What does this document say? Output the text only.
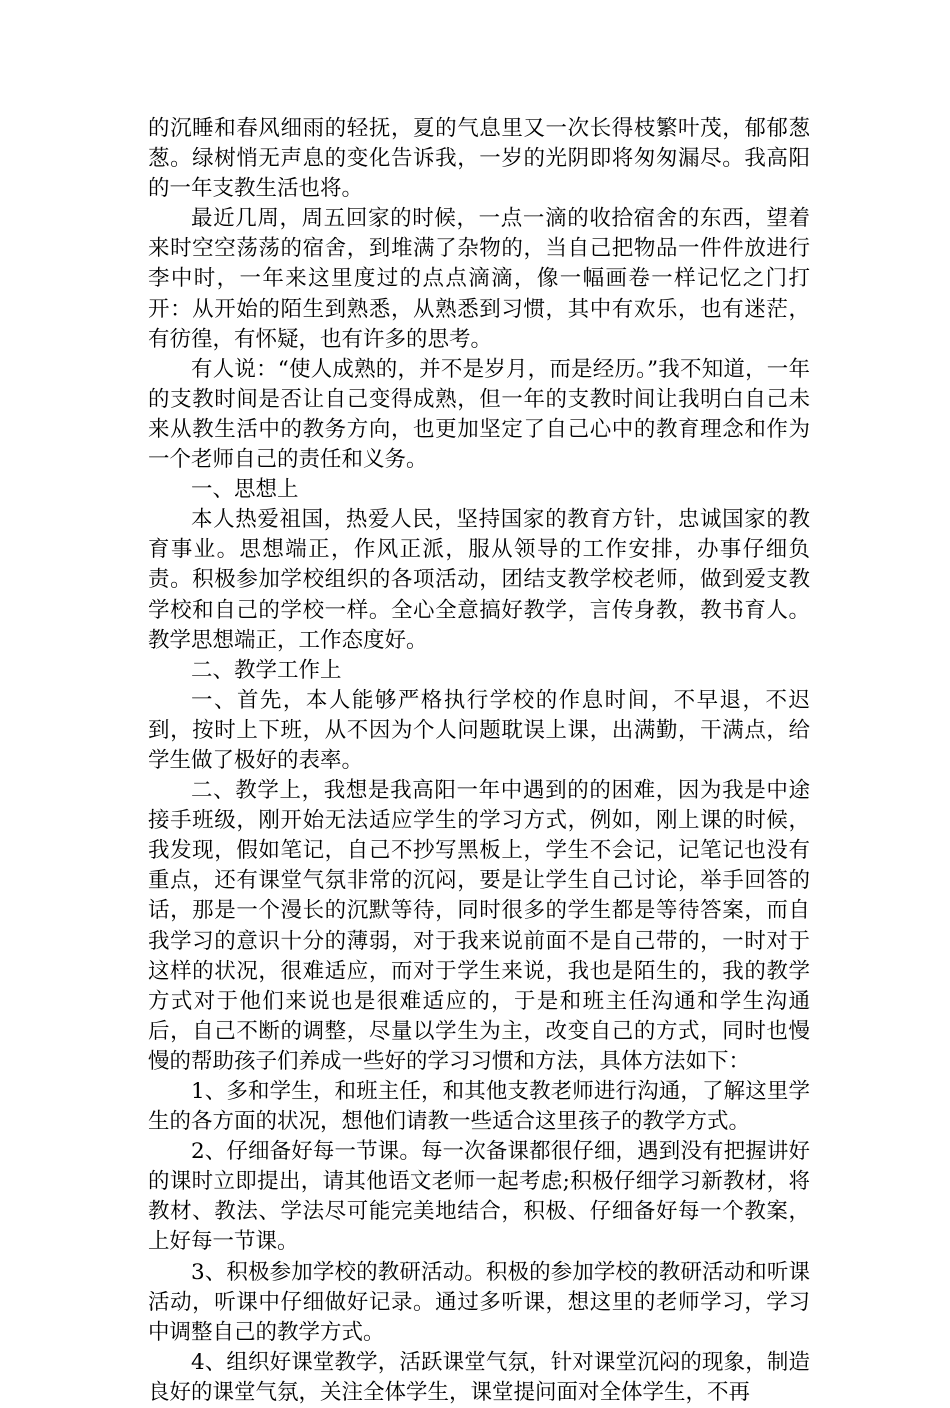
的沉睡和春风细雨的轻抚，夏的气息里又一次长得枝繁叶茂，郁郁葱葱。绿树悄无声息的变化告诉我，一岁的光阴即将匆匆漏尽。我高阳的一年支教生活也将。

最近几周，周五回家的时候，一点一滴的收拾宿舍的东西，望着来时空空荡荡的宿舍，到堆满了杂物的，当自己把物品一件件放进行李中时，一年来这里度过的点点滴滴，像一幅画卷一样记忆之门打开：从开始的陌生到熟悉，从熟悉到习惯，其中有欢乐，也有迷茫，有彷徨，有怀疑，也有许多的思考。

有人说：“使人成熟的，并不是岁月，而是经历。”我不知道，一年的支教时间是否让自己变得成熟，但一年的支教时间让我明白自己未来从教生活中的教务方向，也更加坚定了自己心中的教育理念和作为一个老师自己的责任和义务。

一、思想上

本人热爱祖国，热爱人民，坚持国家的教育方针，忠诚国家的教育事业。思想端正，作风正派，服从领导的工作安排，办事仔细负责。积极参加学校组织的各项活动，团结支教学校老师，做到爱支教学校和自己的学校一样。全心全意搞好教学，言传身教，教书育人。教学思想端正，工作态度好。

二、教学工作上

一、首先，本人能够严格执行学校的作息时间，不早退，不迟到，按时上下班，从不因为个人问题耽误上课，出满勤，干满点，给学生做了极好的表率。

二、教学上，我想是我高阳一年中遇到的的困难，因为我是中途接手班级，刚开始无法适应学生的学习方式，例如，刚上课的时候，我发现，假如笔记，自己不抄写黑板上，学生不会记，记笔记也没有重点，还有课堂气氛非常的沉闷，要是让学生自己讨论，举手回答的话，那是一个漫长的沉默等待，同时很多的学生都是等待答案，而自我学习的意识十分的薄弱，对于我来说前面不是自己带的，一时对于这样的状况，很难适应，而对于学生来说，我也是陌生的，我的教学方式对于他们来说也是很难适应的，于是和班主任沟通和学生沟通后，自己不断的调整，尽量以学生为主，改变自己的方式，同时也慢慢的帮助孩子们养成一些好的学习习惯和方法，具体方法如下：

1、多和学生，和班主任，和其他支教老师进行沟通，了解这里学生的各方面的状况，想他们请教一些适合这里孩子的教学方式。

2、仔细备好每一节课。每一次备课都很仔细，遇到没有把握讲好的课时立即提出，请其他语文老师一起考虑;积极仔细学习新教材，将教材、教法、学法尽可能完美地结合，积极、仔细备好每一个教案，上好每一节课。

3、积极参加学校的教研活动。积极的参加学校的教研活动和听课活动，听课中仔细做好记录。通过多听课，想这里的老师学习，学习中调整自己的教学方式。

4、组织好课堂教学，活跃课堂气氛，针对课堂沉闷的现象，制造良好的课堂气氛，关注全体学生，课堂提问面对全体学生，不再
